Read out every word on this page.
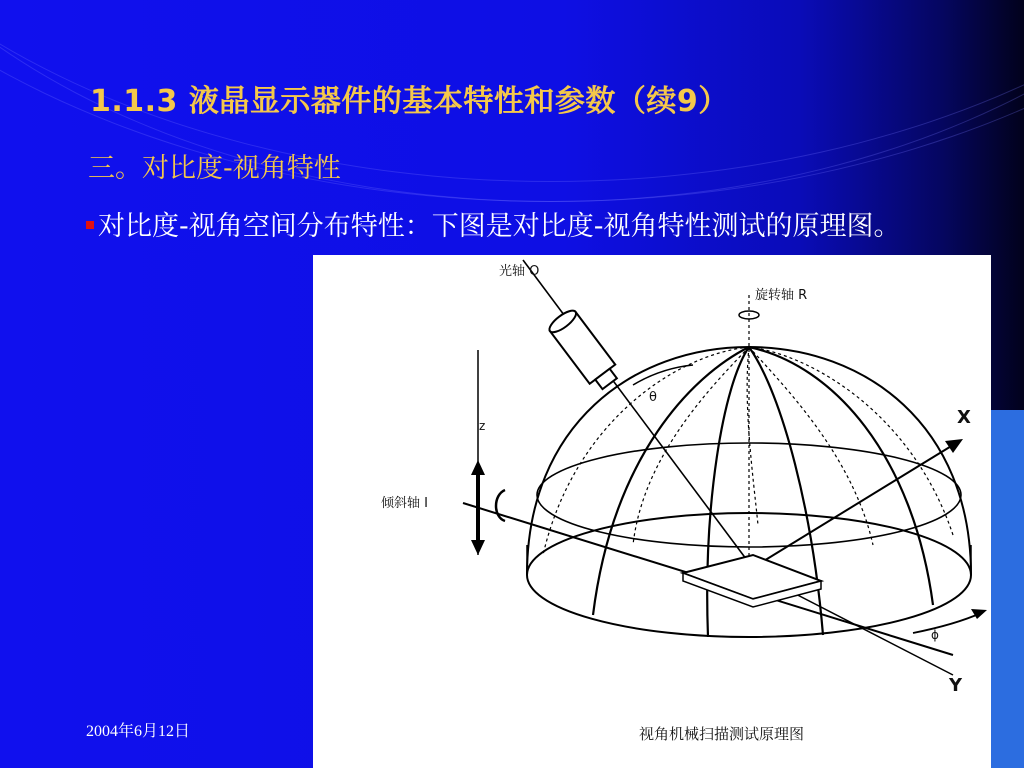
1.1.3 液晶显示器件的基本特性和参数（续9）
三。对比度-视角特性
对比度-视角空间分布特性：下图是对比度-视角特性测试的原理图。
光轴 O
旋转轴 R
θ
X
z
倾斜轴 I
ϕ
Y
视角机械扫描测试原理图
2004年6月12日
